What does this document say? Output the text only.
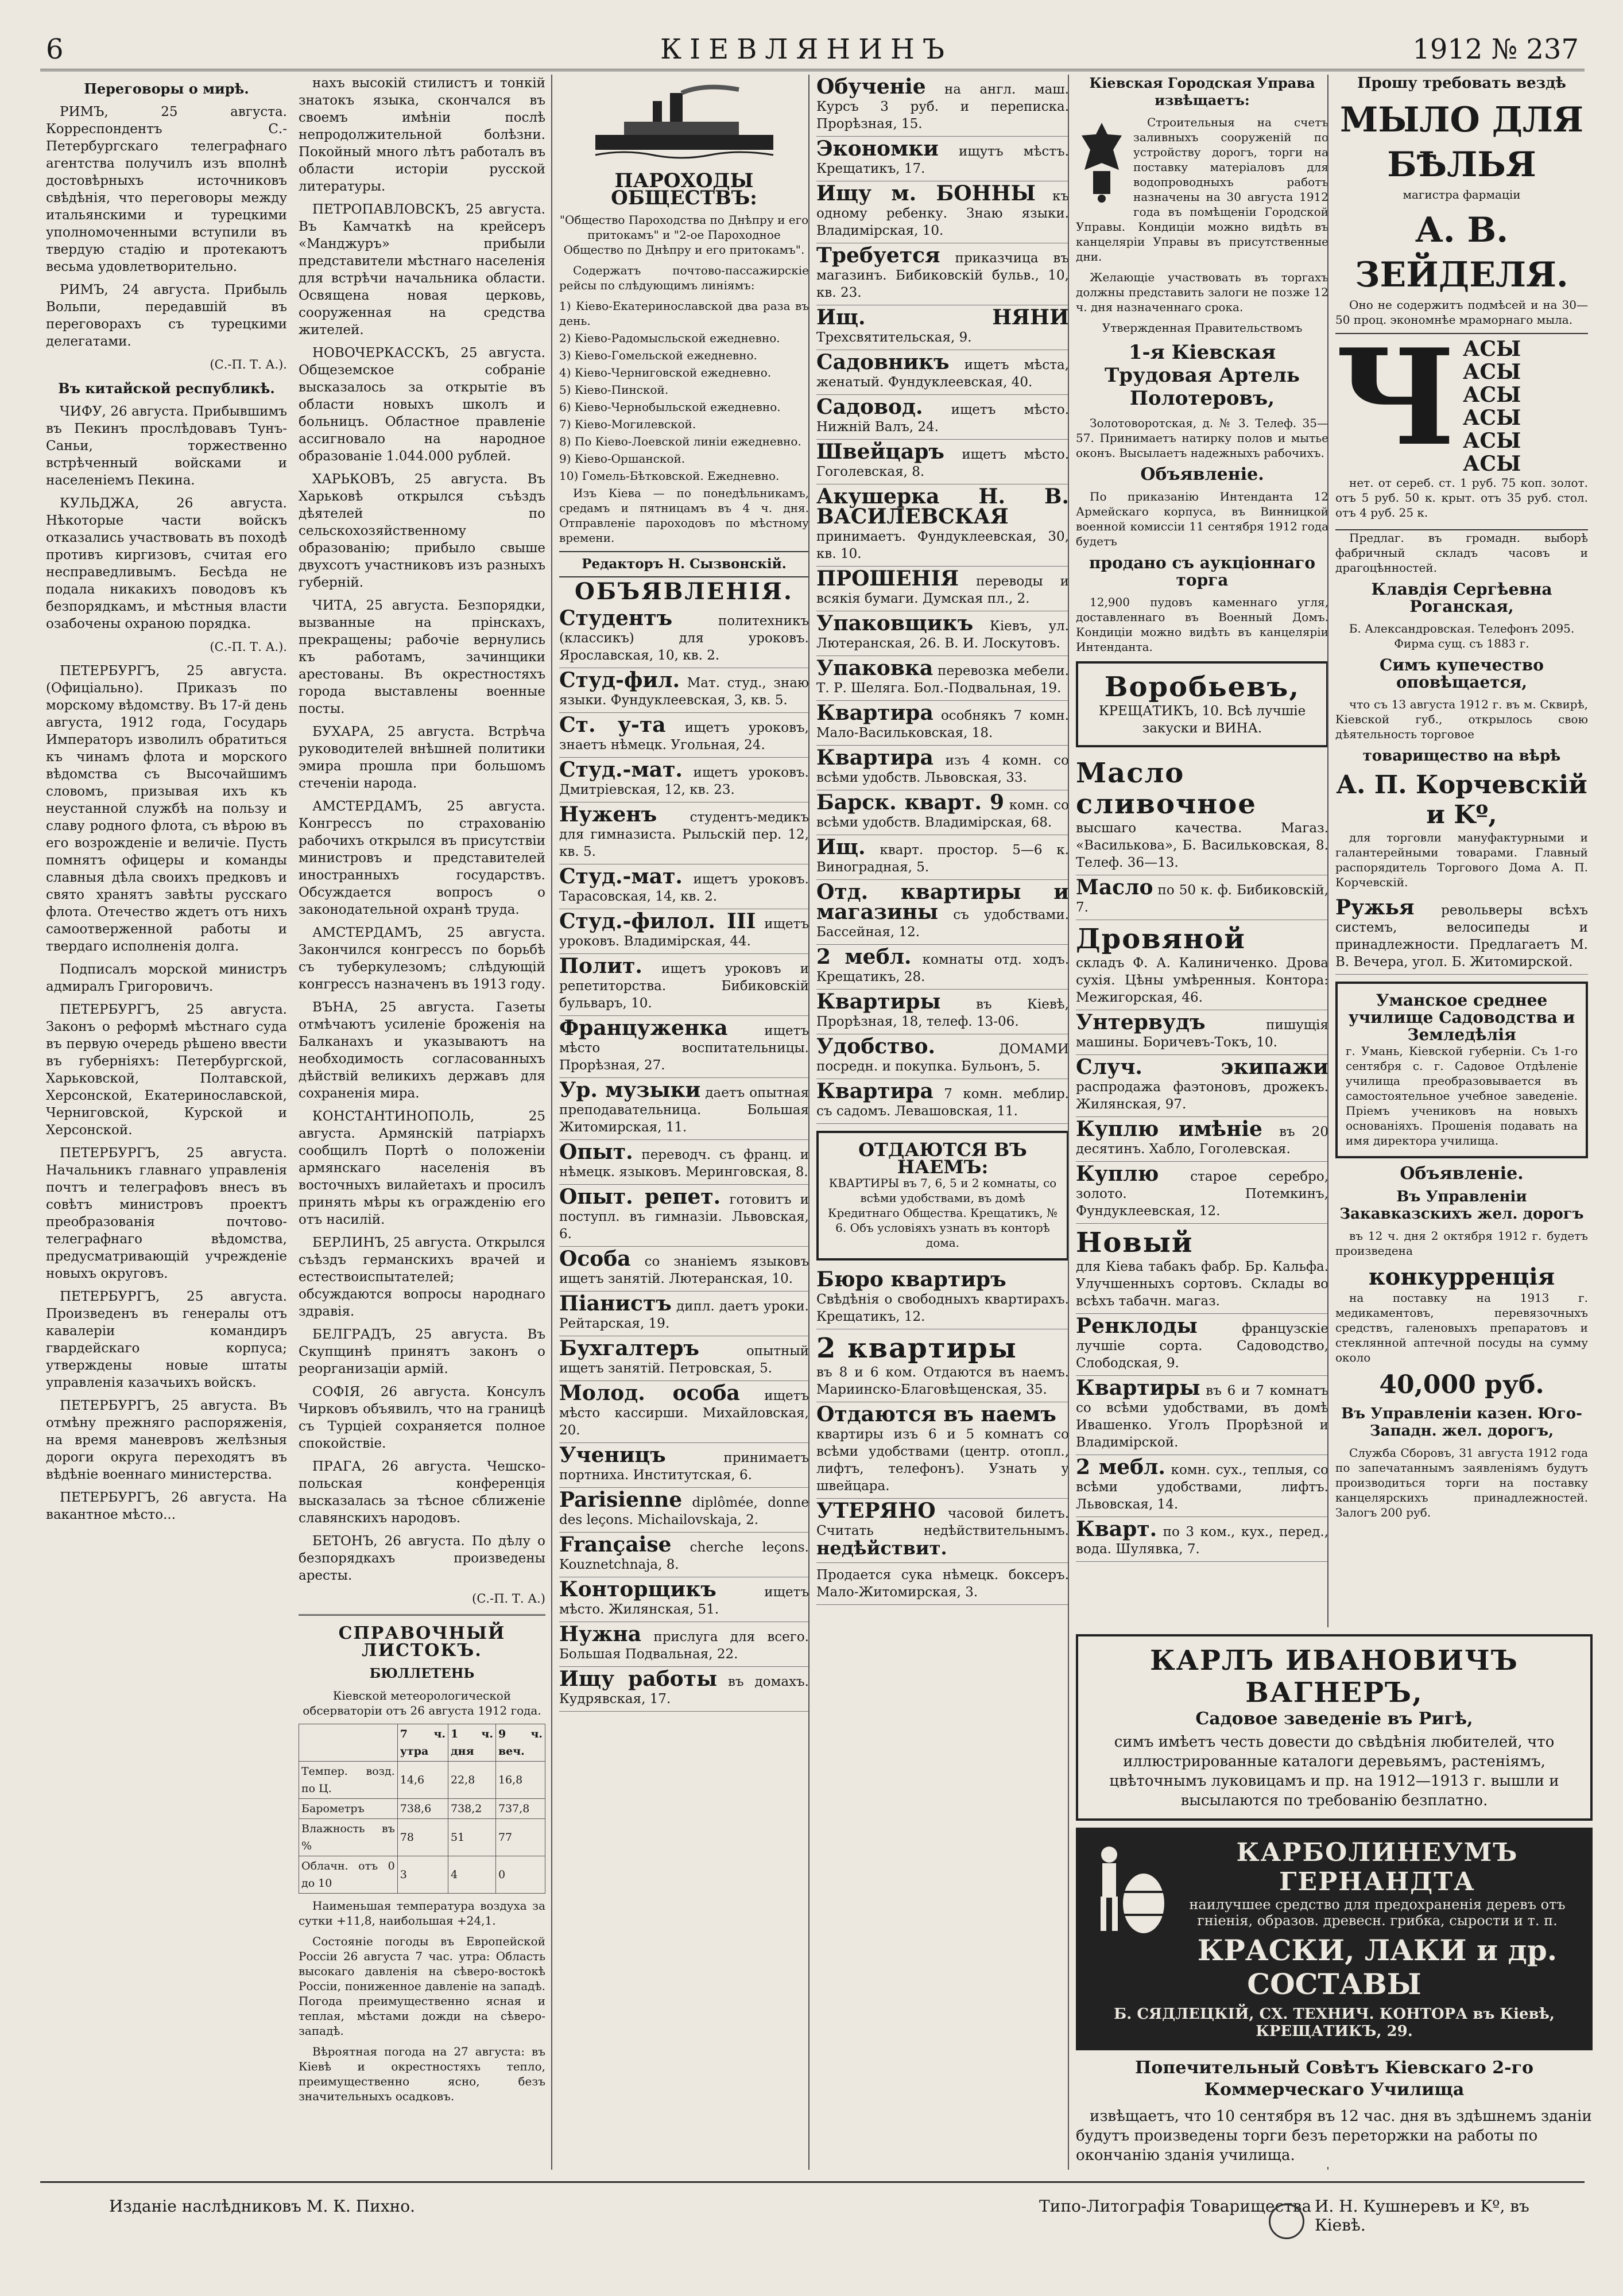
6	КІЕВЛЯНИНЪ	1912 № 237

Переговоры о мирѣ.

РИМЪ, 25 августа. Корреспондентъ С.-Петербургскаго телеграфнаго агентства получилъ изъ вполнѣ достовѣрныхъ источниковъ свѣдѣнія, что переговоры между итальянскими и турецкими уполномоченными вступили въ твердую стадію и протекаютъ весьма удовлетворительно.

РИМЪ, 24 августа. Прибыль Вольпи, передавшій въ переговорахъ съ турецкими делегатами.

(С.-П. Т. А.).

Въ китайской республикѣ.

ЧИФУ, 26 августа. Прибывшимъ въ Пекинъ прослѣдовавъ Тунъ-Саньи, торжественно встрѣченный войсками и населеніемъ Пекина.

КУЛЬДЖА, 26 августа. Нѣкоторые части войскъ отказались участвовать въ походѣ противъ киргизовъ, считая его несправедливымъ. Бесѣда не подала никакихъ поводовъ къ безпорядкамъ, и мѣстныя власти озабочены охраною порядка.

(С.-П. Т. А.).

ПЕТЕРБУРГЪ, 25 августа. (Офиціально). Приказъ по морскому вѣдомству. Въ 17-й день августа, 1912 года, Государь Императоръ изволилъ обратиться къ чинамъ флота и морского вѣдомства съ Высочайшимъ словомъ, призывая ихъ къ неустанной службѣ на пользу и славу родного флота, съ вѣрою въ его возрожденіе и величіе. Пусть помнятъ офицеры и команды славныя дѣла своихъ предковъ и свято хранятъ завѣты русскаго флота. Отечество ждетъ отъ нихъ самоотверженной работы и твердаго исполненія долга.

Подписалъ морской министръ адмиралъ Григоровичъ.

ПЕТЕРБУРГЪ, 25 августа. Законъ о реформѣ мѣстнаго суда въ первую очередь рѣшено ввести въ губерніяхъ: Петербургской, Харьковской, Полтавской, Херсонской, Екатеринославской, Черниговской, Курской и Херсонской.

ПЕТЕРБУРГЪ, 25 августа. Начальникъ главнаго управленія почтъ и телеграфовъ внесъ въ совѣтъ министровъ проектъ преобразованія почтово-телеграфнаго вѣдомства, предусматривающій учрежденіе новыхъ округовъ.

ПЕТЕРБУРГЪ, 25 августа. Произведенъ въ генералы отъ кавалеріи командиръ гвардейскаго корпуса; утверждены новые штаты управленія казачьихъ войскъ.

ПЕТЕРБУРГЪ, 25 августа. Въ отмѣну прежняго распоряженія, на время маневровъ желѣзныя дороги округа переходятъ въ вѣдѣніе военнаго министерства.

ПЕТЕРБУРГЪ, 26 августа. На вакантное мѣсто...

нахъ высокій стилистъ и тонкій знатокъ языка, скончался въ своемъ имѣніи послѣ непродолжительной болѣзни. Покойный много лѣтъ работалъ въ области исторіи русской литературы.

ПЕТРОПАВЛОВСКЪ, 25 августа. Въ Камчаткѣ на крейсеръ «Манджуръ» прибыли представители мѣстнаго населенія для встрѣчи начальника области. Освящена новая церковь, сооруженная на средства жителей.

НОВОЧЕРКАССКЪ, 25 августа. Общеземское собраніе высказалось за открытіе въ области новыхъ школъ и больницъ. Областное правленіе ассигновало на народное образованіе 1.044.000 рублей.

ХАРЬКОВЪ, 25 августа. Въ Харьковѣ открылся съѣздъ дѣятелей по сельскохозяйственному образованію; прибыло свыше двухсотъ участниковъ изъ разныхъ губерній.

ЧИТА, 25 августа. Безпорядки, вызванные на прінскахъ, прекращены; рабочіе вернулись къ работамъ, зачинщики арестованы. Въ окрестностяхъ города выставлены военные посты.

БУХАРА, 25 августа. Встрѣча руководителей внѣшней политики эмира прошла при большомъ стеченіи народа.

АМСТЕРДАМЪ, 25 августа. Конгрессъ по страхованію рабочихъ открылся въ присутствіи министровъ и представителей иностранныхъ государствъ. Обсуждается вопросъ о законодательной охранѣ труда.

АМСТЕРДАМЪ, 25 августа. Закончился конгрессъ по борьбѣ съ туберкулезомъ; слѣдующій конгрессъ назначенъ въ 1913 году.

ВЪНА, 25 августа. Газеты отмѣчаютъ усиленіе броженія на Балканахъ и указываютъ на необходимость согласованныхъ дѣйствій великихъ державъ для сохраненія мира.

КОНСТАНТИНОПОЛЬ, 25 августа. Армянскій патріархъ сообщилъ Портѣ о положеніи армянскаго населенія въ восточныхъ вилайетахъ и просилъ принять мѣры къ огражденію его отъ насилій.

БЕРЛИНЪ, 25 августа. Открылся съѣздъ германскихъ врачей и естествоиспытателей; обсуждаются вопросы народнаго здравія.

БЕЛГРАДЪ, 25 августа. Въ Скупщинѣ принятъ законъ о реорганизаціи армій.

СОФІЯ, 26 августа. Консулъ Чирковъ объявилъ, что на границѣ съ Турціей сохраняется полное спокойствіе.

ПРАГА, 26 августа. Чешско-польская конференція высказалась за тѣсное сближеніе славянскихъ народовъ.

БЕТОНЪ, 26 августа. По дѣлу о безпорядкахъ произведены аресты.

(С.-П. Т. А.)

СПРАВОЧНЫЙ ЛИСТОКЪ.

БЮЛЛЕТЕНЬ

Кіевской метеорологической обсерваторіи отъ 26 августа 1912 года.

	7 ч. утра	1 ч. дня	9 ч. веч.
Темпер. возд. по Ц.	14,6	22,8	16,8
Барометръ	738,6	738,2	737,8
Влажность въ %	78	51	77
Облачн. отъ 0 до 10	3	4	0

Наименьшая температура воздуха за сутки +11,8, наибольшая +24,1.

Состояніе погоды въ Европейской Россіи 26 августа 7 час. утра: Область высокаго давленія на сѣверо-востокѣ Россіи, пониженное давленіе на западѣ. Погода преимущественно ясная и теплая, мѣстами дожди на сѣверо-западѣ.

Вѣроятная погода на 27 августа: въ Кіевѣ и окрестностяхъ тепло, преимущественно ясно, безъ значительныхъ осадковъ.

ПАРОХОДЫ ОБЩЕСТВЪ:

"Общество Пароходства по Днѣпру и его притокамъ" и "2-ое Пароходное Общество по Днѣпру и его притокамъ".

Содержатъ почтово-пассажирскіе рейсы по слѣдующимъ линіямъ:

1) Кіево-Екатеринославской два раза въ день.

2) Кіево-Радомысльской ежедневно.

3) Кіево-Гомельской ежедневно.

4) Кіево-Черниговской ежедневно.

5) Кіево-Пинской.

6) Кіево-Чернобыльской ежедневно.

7) Кіево-Могилевской.

8) По Кіево-Лоевской линіи ежедневно.

9) Кіево-Оршанской.

10) Гомель-Бѣтковской. Ежедневно.

Изъ Кіева — по понедѣльникамъ, средамъ и пятницамъ въ 4 ч. дня. Отправленіе пароходовъ по мѣстному времени.

Редакторъ Н. Сызвонскій.

ОБЪЯВЛЕНІЯ.

Студентъ политехникъ (классикъ) для уроковъ. Ярославская, 10, кв. 2.

Студ-фил. Мат. студ., знаю языки. Фундуклеевская, 3, кв. 5.

Ст. у-та ищетъ уроковъ, знаетъ нѣмецк. Угольная, 24.

Студ.-мат. ищетъ уроковъ. Дмитріевская, 12, кв. 23.

Нуженъ студентъ-медикъ для гимназиста. Рыльскій пер. 12, кв. 5.

Студ.-мат. ищетъ уроковъ. Тарасовская, 14, кв. 2.

Студ.-филол. III ищетъ уроковъ. Владимірская, 44.

Полит. ищетъ уроковъ и репетиторства. Бибиковскій бульваръ, 10.

Француженка ищетъ мѣсто воспитательницы. Прорѣзная, 27.

Ур. музыки даетъ опытная преподавательница. Большая Житомирская, 11.

Опыт. переводч. съ франц. и нѣмецк. языковъ. Меринговская, 8.

Опыт. репет. готовитъ и поступл. въ гимназіи. Львовская, 6.

Особа со знаніемъ языковъ ищетъ занятій. Лютеранская, 10.

Піанистъ дипл. даетъ уроки. Рейтарская, 19.

Бухгалтеръ опытный ищетъ занятій. Петровская, 5.

Молод. особа ищетъ мѣсто кассирши. Михайловская, 20.

Ученицъ принимаетъ портниха. Институтская, 6.

Parisienne diplômée, donne des leçons. Michailovskaja, 2.

Française cherche leçons. Kouznetchnaja, 8.

Конторщикъ ищетъ мѣсто. Жилянская, 51.

Нужна прислуга для всего. Большая Подвальная, 22.

Ищу работы въ домахъ. Кудрявская, 17.

Обученіе на англ. маш. Курсъ 3 руб. и переписка. Прорѣзная, 15.

Экономки ищутъ мѣстъ. Крещатикъ, 17.

Ищу м. БОННЫ къ одному ребенку. Знаю языки. Владимірская, 10.

Требуется приказчица въ магазинъ. Бибиковскій бульв., 10, кв. 23.

Ищ. НЯНИ Трехсвятительская, 9.

Садовникъ ищетъ мѣста, женатый. Фундуклеевская, 40.

Садовод. ищетъ мѣсто. Нижній Валъ, 24.

Швейцаръ ищетъ мѣсто. Гоголевская, 8.

Акушерка Н. В. ВАСИЛЕВСКАЯ принимаетъ. Фундуклеевская, 30, кв. 10.

ПРОШЕНІЯ переводы и всякія бумаги. Думская пл., 2.

Упаковщикъ Кіевъ, ул. Лютеранская, 26. В. И. Лоскутовъ.

Упаковка перевозка мебели. Т. Р. Шеляга. Бол.-Подвальная, 19.

Квартира особнякъ 7 комн. Мало-Васильковская, 18.

Квартира изъ 4 комн. со всѣми удобств. Львовская, 33.

Барск. кварт. 9 комн. со всѣми удобств. Владимірская, 68.

Ищ. кварт. простор. 5—6 к. Виноградная, 5.

Отд. квартиры и магазины съ удобствами. Бассейная, 12.

2 мебл. комнаты отд. ходъ. Крещатикъ, 28.

Квартиры въ Кіевѣ, Прорѣзная, 18, телеф. 13-06.

Удобство. ДОМАМИ посредн. и покупка. Бульонъ, 5.

Квартира 7 комн. меблир. съ садомъ. Левашовская, 11.

ОТДАЮТСЯ ВЪ НАЕМЪ:
КВАРТИРЫ въ 7, 6, 5 и 2 комнаты, со всѣми удобствами, въ домѣ Кредитнаго Общества. Крещатикъ, № 6. Объ условіяхъ узнать въ конторѣ дома.

Бюро квартиръ
Свѣдѣнія о свободныхъ квартирахъ. Крещатикъ, 12.

2 квартиры
въ 8 и 6 ком. Отдаются въ наемъ. Мариинско-Благовѣщенская, 35.

Отдаются въ наемъ
квартиры изъ 6 и 5 комнатъ со всѣми удобствами (центр. отопл., лифтъ, телефонъ). Узнать у швейцара.

УТЕРЯНО часовой билетъ. Считать недѣйствительнымъ. недѣйствит.

Продается сука нѣмецк. боксеръ. Мало-Житомирская, 3.

Кіевская Городская Управа извѣщаетъ:

Строительныя на счетъ заливныхъ сооруженій по устройству дорогъ, торги на поставку матеріаловъ для водопроводныхъ работъ назначены на 30 августа 1912 года въ помѣщеніи Городской Управы. Кондиціи можно видѣть въ канцеляріи Управы въ присутственные дни.

Желающіе участвовать въ торгахъ должны представить залоги не позже 12 ч. дня назначеннаго срока.

Утвержденная Правительствомъ

1-я Кіевская Трудовая Артель Полотеровъ,

Золотоворотская, д. № 3. Телеф. 35—57. Принимаетъ натирку полов и мытье оконъ. Высылаетъ надежныхъ рабочихъ.

Объявленіе.

По приказанію Интенданта 12 Армейскаго корпуса, въ Винницкой военной комиссіи 11 сентября 1912 года будетъ

продано съ аукціоннаго торга

12,900 пудовъ каменнаго угля, доставленнаго въ Военный Домъ. Кондиціи можно видѣть въ канцеляріи Интенданта.

Воробьевъ,
КРЕЩАТИКЪ, 10. Всѣ лучшіе закуски и ВИНА.

Масло сливочное
высшаго качества. Магаз. «Василькова», Б. Васильковская, 8. Телеф. 36—13.

Масло по 50 к. ф. Бибиковскій, 7.

Дровяной
складъ Ф. А. Калиниченко. Дрова сухія. Цѣны умѣренныя. Контора: Межигорская, 46.

Унтервудъ	пишущія машины. Боричевъ-Токъ, 10.

Случ. экипажи распродажа фаэтоновъ, дрожекъ. Жилянская, 97.

Куплю имѣніе въ 20 десятинъ. Хабло, Гоголевская.

Куплю старое серебро, золото. Потемкинъ, Фундуклеевская, 12.

Новый
для Кіева табакъ фабр. Бр. Кальфа. Улучшенныхъ сортовъ. Склады во всѣхъ табачн. магаз.

Ренклоды	французскіе лучшіе сорта. Садоводство, Слободская, 9.

Квартиры въ 6 и 7 комнатъ со всѣми удобствами, въ домѣ Ивашенко. Уголъ Прорѣзной и Владимірской.

2 мебл. комн. сух., теплыя, со всѣми удобствами, лифтъ. Львовская, 14.

Кварт. по 3 ком., кух., перед., вода. Шулявка, 7.

Прошу требовать вездѣ

МЫЛО ДЛЯ БѢЛЬЯ

магистра фармаціи

А. В. ЗЕЙДЕЛЯ.

Оно не содержитъ подмѣсей и на 30—50 проц. экономнѣе мраморнаго мыла.

Ч АСЫ
АСЫ
АСЫ
АСЫ
АСЫ
АСЫ

нет. от сереб. ст. 1 руб. 75 коп. золот. отъ 5 руб. 50 к. крыт. отъ 35 руб. стол. отъ 4 руб. 25 к.

Предлаг. въ громадн. выборѣ фабричный складъ часовъ и драгоцѣнностей.

Клавдія Сергѣевна Роганская,

Б. Александровская. Телефонъ 2095. Фирма сущ. съ 1883 г.

Симъ купечество оповѣщается,

что съ 13 августа 1912 г. въ м. Сквирѣ, Кіевской губ., открылось свою дѣятельность торговое

товарищество на вѣрѣ

А. П. Корчевскій и Kº,

для торговли мануфактурными и галантерейными товарами. Главный распорядитель Торгового Дома А. П. Корчевскій.

Ружья револьверы всѣхъ системъ, велосипеды и принадлежности. Предлагаетъ М. В. Вечера, угол. Б. Житомирской.

Уманское среднее училище Садоводства и Земледѣлія
г. Умань, Кіевской губерніи. Съ 1-го сентября с. г. Садовое Отдѣленіе училища преобразовывается въ самостоятельное учебное заведеніе. Пріемъ учениковъ на новыхъ основаніяхъ. Прошенія подавать на имя директора училища.

Объявленіе.

Въ Управленіи Закавказскихъ жел. дорогъ

въ 12 ч. дня 2 октября 1912 г. будетъ произведена

конкурренція

на поставку на 1913 г. медикаментовъ, перевязочныхъ средствъ, галеновыхъ препаратовъ и стеклянной аптечной посуды на сумму около

40,000 руб.

Въ Управленіи казен. Юго-Западн. жел. дорогъ,

Служба Сборовъ, 31 августа 1912 года по запечатаннымъ заявленіямъ будутъ производиться торги на поставку канцелярскихъ принадлежностей. Залогъ 200 руб.

КАРЛЪ ИВАНОВИЧЪ ВАГНЕРЪ,
Садовое заведеніе въ Ригѣ,
симъ имѣетъ честь довести до свѣдѣнія любителей, что иллюстрированные каталоги деревьямъ, растеніямъ, цвѣточнымъ луковицамъ и пр. на 1912—1913 г. вышли и высылаются по требованію безплатно.
КАРБОЛИНЕУМЪ ГЕРНАНДТА
наилучшее средство для предохраненія деревъ отъ гніенія, образов. древесн. грибка, сырости и т. п.
КРАСКИ, ЛАКИ и др. СОСТАВЫ
Б. СЯДЛЕЦКІЙ, СХ. ТЕХНИЧ. КОНТОРА въ Кіевѣ, КРЕЩАТИКЪ, 29.

Попечительный Совѣтъ Кіевскаго 2-го Коммерческаго Училища

извѣщаетъ, что 10 сентября въ 12 час. дня въ здѣшнемъ зданіи будутъ произведены торги безъ переторжки на работы по окончанію зданія училища.

Изданіе наслѣдниковъ М. К. Пихно.	Типо-Литографія Товарищества И. Н. Кушнеревъ и Kº, въ Кіевѣ.
